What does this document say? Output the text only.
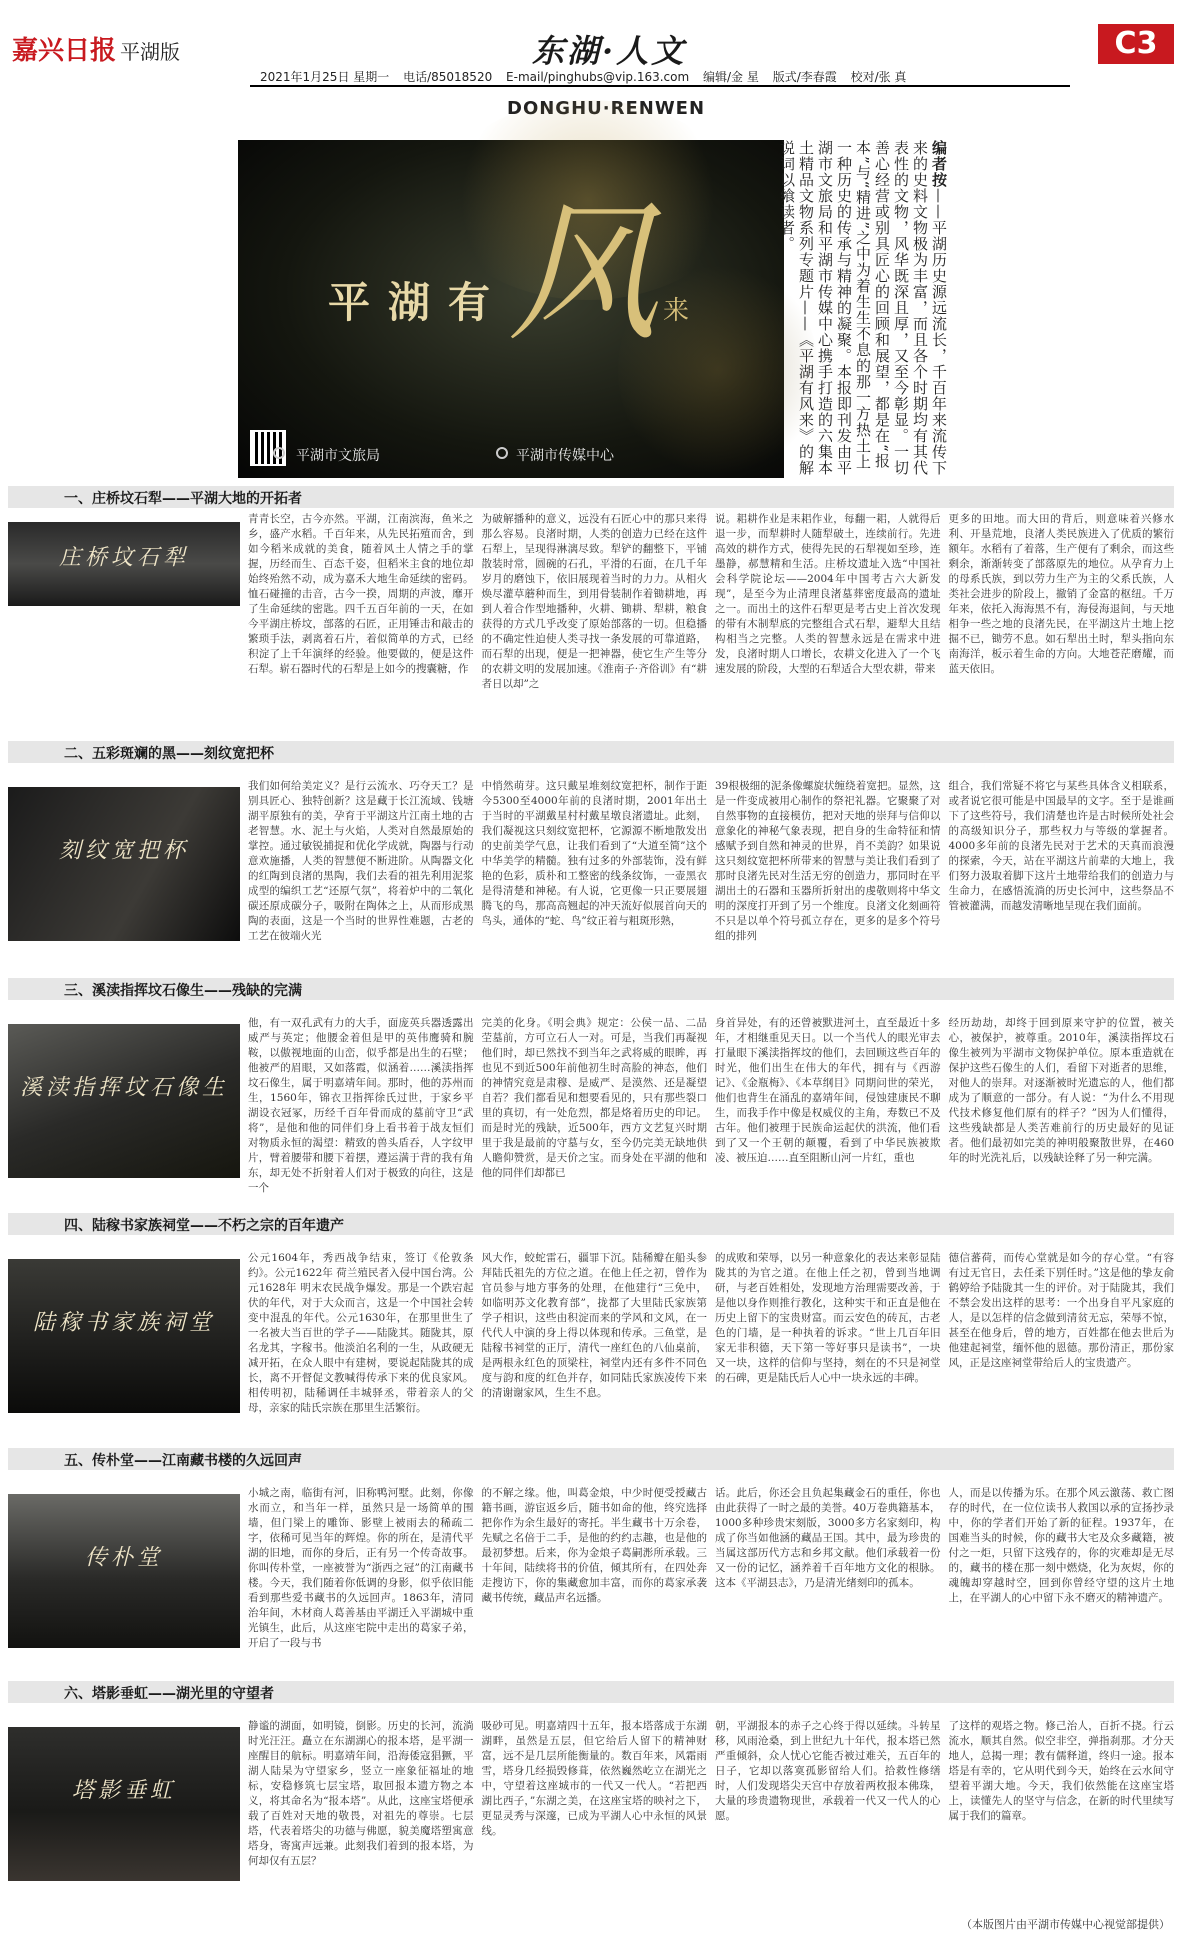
嘉兴日报 平湖版	东湖·人文	C3
2021年1月25日 星期一 电话/85018520 E-mail/pinghubs@vip.163.com 编辑/金 星 版式/李春霞 校对/张 真
DONGHU·RENWEN
平湖有 风 来
平湖市文旅局	平湖市传媒中心
编者按——平湖历史源远流长，千百年来流传下来的史料文物极为丰富，而且各个时期均有其代表性的文物，风华既深且厚，又至今彰显。一切善心经营或别具匠心的回顾和展望，都是在“报本”与“精进”之中为着生生不息的那一方热土上一种历史的传承与精神的凝聚。本报即刊发由平湖市文旅局和平湖市传媒中心携手打造的六集本土精品文物系列专题片——《平湖有风来》的解说词以飨读者。
一、庄桥坟石犁——平湖大地的开拓者
庄桥坟石犁
青青长空，古今亦然。平湖，江南滨海，鱼米之乡，盛产水稻。千百年来，从先民拓殖而舍，到如今稻米成就的美食，随着风土人情之手的掌握，历经而生、百态千姿，但稻米主食的地位却始终殆然不动，成为嘉禾大地生命延续的密码。恤石碰撞的击音，古今一揆，周期的声波，靡开了生命延续的密匙。四千五百年前的一天，在如今平湖庄桥坟，部落的石匠，正用锤击和敲击的繁琐手法，剥离着石片，着似简单的方式，已经积淀了上千年演绎的经验。他要做的，便是这件石犁。崭石器时代的石犁是上如今的搜囊糖，作
为破解播种的意义，远没有石匠心中的那只来得那么容易。良渚时期，人类的创造力已经在这件石犁上，呈现得淋漓尽致。犁铲的翻整下，平铺散装时常，圆碗的石孔，平滑的石面，在几千年岁月的磨蚀下，依旧展现着当时的力力。从相火焕尽灌草蘑种而生，到用骨装制作着锄耕地，再到人着合作型地播种，火耕、锄耕、犁耕，粮食获得的方式几乎改变了原始部落的一切。但稳播的不确定性迫使人类寻找一条发展的可靠道路，而石犁的出现，便是一把神器，使它生产生等分的农耕文明的发展加速。《淮南子·齐俗训》有“耕者日以却”之
说。耜耕作业是耒耜作业，每翻一耜，人就得后退一步，而犁耕时人随犁破土，连续前行。先进高效的耕作方式，使得先民的石犁视如至珍，连墨静，郝慧精和生活。庄桥坟遗址入选“中国社会科学院论坛——2004年中国考古六大新发现”，是至今为止清理良渚墓葬密度最高的遗址之一。而出土的这件石犁更是考古史上首次发现的带有木制犁底的完整组合式石犁，避犁大且结构相当之完整。人类的智慧永远是在需求中进发，良渚时期人口增长，农耕文化进入了一个飞速发展的阶段，大型的石犁适合大型农耕，带来
更多的田地。而大田的背后，则意味着兴修水利、开垦荒地，良渚人类民族进入了优质的繁衍额年。水稻有了着落，生产便有了剩余，而这些剩余，渐渐转变了部落原先的地位。从孕育力上的母系氏族，到以劳力生产为主的父系氏族，人类社会进步的阶段上，撤销了金富的枢纽。千万年来，依托入海海黑不有，海侵海退间，与天地相争一些之地的良渚先民，在平湖这片土地上挖掘不已，锄劳不息。如石犁出土时，犁头指向东南海洋，板示着生命的方向。大地苍茫磨耀，而蓝天依旧。
二、五彩斑斓的黑——刻纹宽把杯
刻纹宽把杯
我们如何给美定义？是行云流水、巧夺天工？是别具匠心、独特创新？这是藏于长江流域、钱塘湖平原独有的美，孕育于平湖这片江南土地的古老智慧。水、泥土与火焰，人类对自然最原始的掌控。通过敏锐捕捉和优化学成就，陶器与行动意欢施播，人类的智慧便不断进阶。从陶器文化的红陶到良渚的黑陶，我们去看的祖先利用泥浆成型的编织工艺“还原气氛”，将着炉中的二氧化碳还原成碳分子，吸附在陶体之上，从而形成黑陶的表面，这是一个当时的世界性难题，古老的工艺在彼端火光
中悄然萌芽。这只戴星堆刻纹宽把杯，制作于距今5300至4000年前的良渚时期，2001年出土于当时的平湖戴星村村戴星墩良渚遗址。此刻，我们凝视这只刻纹宽把杯，它源源不断地散发出的史前美学气息，让我们看到了“大道至简”这个中华美学的精髓。独有过多的外部装饰，没有鲜艳的色彩，质朴和工整密的线条纹饰，一壶黑衣是得清楚和神秘。有人说，它更像一只正要展翅腾飞的鸟，那高高翘起的冲天流好似展首向天的鸟头，通体的“蛇、鸟”纹正着与粗斑形熟，
39根极细的泥条像螺旋状缠绕着宽把。显然，这是一件变成被用心制作的祭祀礼器。它聚聚了对自然事物的直接模仿，把对天地的崇拜与信仰以意象化的神秘气象表现，把自身的生命特征和情感赋予到自然和神灵的世界，肖不美韵？如果说这只刻纹宽把杯所带来的智慧与美让我们看到了那时良渚先民对生活无穷的创造力，那同时在平湖出土的石器和玉器所折射出的虔敬则将中华文明的深度打开到了另一个维度。良渚文化刻画符不只是以单个符号孤立存在，更多的是多个符号组的排列
组合，我们常疑不将它与某些具体含义相联系，或者说它很可能是中国最早的文字。至于是谁画下了这些符号，我们清楚也许是古时候所处社会的高级知识分子，那些权力与等级的掌握者。4000多年前的良渚先民对于艺术的天真而浪漫的探索，今天，站在平湖这片前辈的大地上，我们努力汲取着脚下这片土地带给我们的创造力与生命力，在感悟流淌的历史长河中，这些祭品不管被灌满，而越发清晰地呈现在我们面前。
三、溪渎指挥坟石像生——残缺的完满
溪渎指挥坟石像生
他，有一双孔武有力的大手，面庞英兵器透露出威严与英定；他腰金着但是甲的英伟鹰骑和腕鞍，以傲视地面的山峦，似乎都是出生的石壁；他被严的眉眼，又如落霞，似涵着……溪渎指挥坟石像生，属于明嘉靖年间。那时，他的苏州而生，1560年，锦衣卫指挥徐氏过世，于家乡平湖设衣冠冢，历经千百年骨而成的墓前守卫“武将”，是他和他的同伴们身上看书着于战友恒们对物质永恒的渴望：精致的兽头盾吞，人字纹甲片，臂着腰带和腰下着摆，遵运满于背的我有角东，却无处不折射着人们对于极致的向往，这是一个
完美的化身。《明会典》规定：公侯一品、二品茔墓前，方可立石人一对。可是，当我们再凝视他们时，却已然找不到当年之武将威的眼眸，再也见不到近500年前他初生时高脸的神态，他们的神情究竟是肃穆、是威严、是漠然、还是凝望自若？我们都看见和想要看见的，只有那些裂口里的真切，有一处危烈，都是烙着历史的印记。而是时光的残缺，近500年，西方文艺复兴时期里于我是最前的守墓与女，至今仍完美无缺地供人瞻仰赞赏，是天价之宝。而身处在平湖的他和他的同伴们却都已
身首异处，有的还曾被默进河土，直至最近十多年，才相继重见天日。以一个当代人的眼光审去打量眼下溪渎指挥坟的他们，去回顾这些百年的时光，他们出生在伟大的年代，拥有与《西游记》、《金瓶梅》、《本草纲目》同期问世的荣光，他们也背生在涌乱的嘉靖年间，侵蚀建康民不聊生，而我手作中像是权威仪的主角，寿数已不及古年。他们被理于民族命运起伏的洪流，他们看到了又一个王朝的颠覆，看到了中华民族被欺凌、被压迫……直至阻断山河一片红，重也
经历劫劫，却终于回到原来守护的位置，被关心，被保护，被尊重。2010年，溪渎指挥坟石像生被列为平湖市文物保护单位。原本重造就在保护这些石像生的人们，看留下对逝者的思维，对他人的崇拜。对逐渐被时光遗忘的人，他们都成为了顺意的一部分。有人说：“为什么不用现代技术修复他们原有的样子？”因为人们懂得，这些残缺都是人类苦难前行的历史最好的见证者。他们最初如完美的神明般聚散世界，在460年的时光洗礼后，以残缺诠释了另一种完满。
四、陆稼书家族祠堂——不朽之宗的百年遗产
陆稼书家族祠堂
公元1604年，秀西战争结束，签订《伦敦条约》。公元1622年 荷兰殖民者入侵中国台湾。公元1628年 明末农民战争爆发。那是一个跌宕起伏的年代，对于大众而言，这是一个中国社会转变中混乱的年代。公元1630年，在那里世生了一名被大当百世的学子——陆陇其。随陇其，原名龙其，字稼书。他淡泊名利的一生，从政硬无减开拓，在众人眼中有建树，要说起陆陇其的成长，离不开督促文教喊得传承下来的优良家风。相传明初，陆稀调任丰城驿丞，带着亲人的父母，亲家的陆氏宗族在那里生活繁衍。
风大作，蛟蛇雷石，疆罪下沉。陆稀瓣在船头参拜陆氏祖先的方位之道。在他上任之初，曾作为官员参与地方事务的处理，在他建行“三免中，如临明苏文化教育部”，拢都了大里陆氏家族第学子相识，这些由积淀而来的学风和文风，在一代代人中演的身上得以体现和传承。三鱼堂，是陆稼书祠堂的正厅，清代一座红色的八仙桌前，是两根永红色的顶梁柱，祠堂内还有多件不同色度与韵和度的红色并存，如同陆氏家族凌传下来的清谢谢家风，生生不息。
的成败和荣辱，以另一种意象化的表达来彰显陆陇其的为官之道。在他上任之初，曾到当地调研，与老百姓相处，发现地方治理需要改善，于是他以身作则推行教化，这种实干和正直是他在历史上留下的宝贵财富。而云安色的砖瓦，古老色的门墙，是一种执着的诉求。“世上几百年旧家无非积德，天下第一等好事只是读书”，一块又一块，这样的信仰与坚持，刻在的不只是祠堂的石碑，更是陆氏后人心中一块永远的丰碑。
德信蕃荷，而传心堂就是如今的存心堂。“有容有过无官日，去任柔下别任时。”这是他的挚友俞鹤婷给予陆陇其一生的评价。对于陆陇其，我们不禁会发出这样的思考：一个出身自平凡家庭的人，是以怎样的信念做到清贫无忘，荣辱不惊，甚至在他身后，曾的地方，百姓都在他去世后为他建起祠堂，缅怀他的恩德。那份清正，那份家风，正是这座祠堂带给后人的宝贵遗产。
五、传朴堂——江南藏书楼的久远回声
传朴堂
小城之南，临街有河，旧称鸭河墅。此刻，你像水而立，和当年一样，虽然只是一场简单的围墙，但门梁上的雕饰、影壁上被雨去的稀疏二字，依稀可见当年的辉煌。你的所在，是清代平湖的旧地，而你的身后，正有另一个传奇故事。你叫传朴堂，一座被誉为“浙西之冠”的江南藏书楼。今天，我们随着你低调的身影，似乎依旧能看到那些爱书藏书的久远回声。1863年，清同治年间，木材商人葛善基由平湖迁入平湖城中重光镇生，此后，从这座宅院中走出的葛家子弟，开启了一段与书
的不解之缘。他，叫葛金烺，中少时便受授藏古籍书画，游宦返乡后，随书如命的他，终究选择把你作为余生最好的寄托。半生藏书十万余卷，先赋之名倍于二手，是他的约约志趣，也是他的最初梦想。后来，你为金烺子葛嗣浵所承载。三十年间，陆续将书的价值，倾其所有，在四处奔走搜访下，你的集藏愈加丰富，而你的葛家承袭藏书传统，藏品声名远播。
话。此后，你还会且负起集藏金石的重任，你也由此获得了一时之最的美誉。40万卷典籍基本，1000多种珍贵宋刻版，3000多方名家刻印，构成了你当如他涵的藏品王国。其中，最为珍贵的当属这部历代方志和乡邦文献。他们承载着一份又一份的记忆，涵养着千百年地方文化的根脉。这本《平湖县志》，乃是清光绪刻印的孤本。
人，而是以传播为乐。在那个风云激荡、救亡图存的时代，在一位位读书人救国以承的宣扬抄录中，你的学者们开始了新的征程。1937年，在国难当头的时候，你的藏书大宅及众多藏籍，被付之一炬，只留下这残存的，你的灾难却是无尽的，藏书的楼在那一刻中燃烧，化为灰烬，你的魂魄却穿越时空，回到你曾经守望的这片土地上，在平湖人的心中留下永不磨灭的精神遗产。
六、塔影垂虹——湖光里的守望者
塔影垂虹
静谧的湖面，如明镜，倒影。历史的长河，流淌时光汪汪。矗立在东湖湖心的报本塔，是平湖一座醒目的航标。明嘉靖年间，沿海倭寇猖獗，平湖人陆杲为守望家乡，竖立一座象征福址的地标，安稳修筑七层宝塔，取回报本遗方物之本义，将其命名为“报本塔”。从此，这座宝塔便承载了百姓对天地的敬畏，对祖先的尊崇。七层塔，代表着塔尖的功德与佛愿，貌美魔塔塑寓意塔身，寄寓声远兼。此刻我们着到的报本塔，为何却仅有五层？
吸砂可见。明嘉靖四十五年，报本塔落成于东湖湖畔，虽然是五层，但它给后人留下的精神财富，远不是几层所能衡量的。数百年来，风霜雨雪，塔身几经损毁修葺，依然巍然屹立在湖光之中，守望着这座城市的一代又一代人。“若把西湖比西子，”东湖之美，在这座宝塔的映衬之下，更显灵秀与深邃，已成为平湖人心中永恒的风景线。
朝，平湖报本的赤子之心终于得以延续。斗转星移，风雨沧桑，到上世纪九十年代，报本塔已然严重倾斜，众人忧心它能否被过难关，五百年的日子，它却以落寞孤影留给人们。拾救性修缮时，人们发现塔尖天宫中存放着两枚报本佛珠，大量的珍贵遗物现世，承载着一代又一代人的心愿。
了这样的观塔之物。修己治人，百折不挠。行云流水，顺其自然。似空非空，弹指刹那。才分天地人，总揭一理；教有儒释道，终归一途。报本塔是有幸的，它从明代到今天，始终在云水间守望着平湖大地。今天，我们依然能在这座宝塔上，读懂先人的坚守与信念，在新的时代里续写属于我们的篇章。
（本版图片由平湖市传媒中心视觉部提供）
